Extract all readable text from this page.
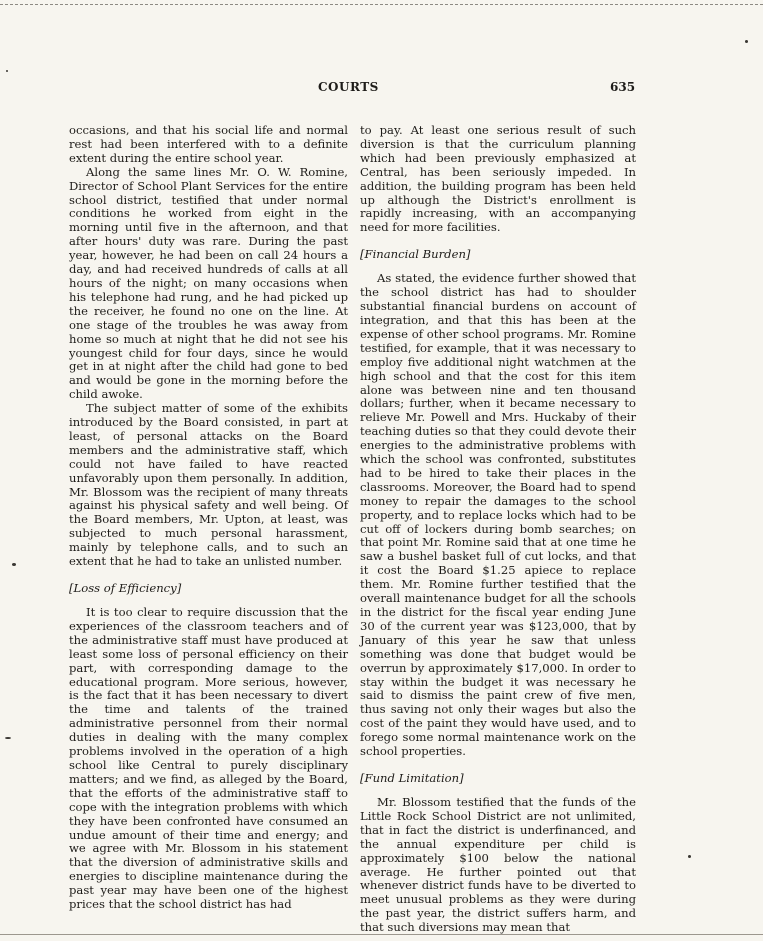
COURTS	635

occasions, and that his social life and normal rest had been interfered with to a definite extent during the entire school year.

Along the same lines Mr. O. W. Romine, Director of School Plant Services for the entire school district, testified that under normal conditions he worked from eight in the morning until five in the afternoon, and that after hours' duty was rare. During the past year, however, he had been on call 24 hours a day, and had received hundreds of calls at all hours of the night; on many occasions when his telephone had rung, and he had picked up the receiver, he found no one on the line. At one stage of the troubles he was away from home so much at night that he did not see his youngest child for four days, since he would get in at night after the child had gone to bed and would be gone in the morning before the child awoke.

The subject matter of some of the exhibits introduced by the Board consisted, in part at least, of personal attacks on the Board members and the administrative staff, which could not have failed to have reacted unfavorably upon them personally. In addition, Mr. Blossom was the recipient of many threats against his physical safety and well being. Of the Board members, Mr. Upton, at least, was subjected to much personal harassment, mainly by telephone calls, and to such an extent that he had to take an unlisted number.

[Loss of Efficiency]

It is too clear to require discussion that the experiences of the classroom teachers and of the administrative staff must have produced at least some loss of personal efficiency on their part, with corresponding damage to the educational program. More serious, however, is the fact that it has been necessary to divert the time and talents of the trained administrative personnel from their normal duties in dealing with the many complex problems involved in the operation of a high school like Central to purely disciplinary matters; and we find, as alleged by the Board, that the efforts of the administrative staff to cope with the integration problems with which they have been confronted have consumed an undue amount of their time and energy; and we agree with Mr. Blossom in his statement that the diversion of administrative skills and energies to discipline maintenance during the past year may have been one of the highest prices that the school district has had

to pay. At least one serious result of such diversion is that the curriculum planning which had been previously emphasized at Central, has been seriously impeded. In addition, the building program has been held up although the District's enrollment is rapidly increasing, with an accompanying need for more facilities.

[Financial Burden]

As stated, the evidence further showed that the school district has had to shoulder substantial financial burdens on account of integration, and that this has been at the expense of other school programs. Mr. Romine testified, for example, that it was necessary to employ five additional night watchmen at the high school and that the cost for this item alone was between nine and ten thousand dollars; further, when it became necessary to relieve Mr. Powell and Mrs. Huckaby of their teaching duties so that they could devote their energies to the administrative problems with which the school was confronted, substitutes had to be hired to take their places in the classrooms. Moreover, the Board had to spend money to repair the damages to the school property, and to replace locks which had to be cut off of lockers during bomb searches; on that point Mr. Romine said that at one time he saw a bushel basket full of cut locks, and that it cost the Board $1.25 apiece to replace them. Mr. Romine further testified that the overall maintenance budget for all the schools in the district for the fiscal year ending June 30 of the current year was $123,000, that by January of this year he saw that unless something was done that budget would be overrun by approximately $17,000. In order to stay within the budget it was necessary he said to dismiss the paint crew of five men, thus saving not only their wages but also the cost of the paint they would have used, and to forego some normal maintenance work on the school properties.

[Fund Limitation]

Mr. Blossom testified that the funds of the Little Rock School District are not unlimited, that in fact the district is underfinanced, and the annual expenditure per child is approximately $100 below the national average. He further pointed out that whenever district funds have to be diverted to meet unusual problems as they were during the past year, the district suffers harm, and that such diversions may mean that
